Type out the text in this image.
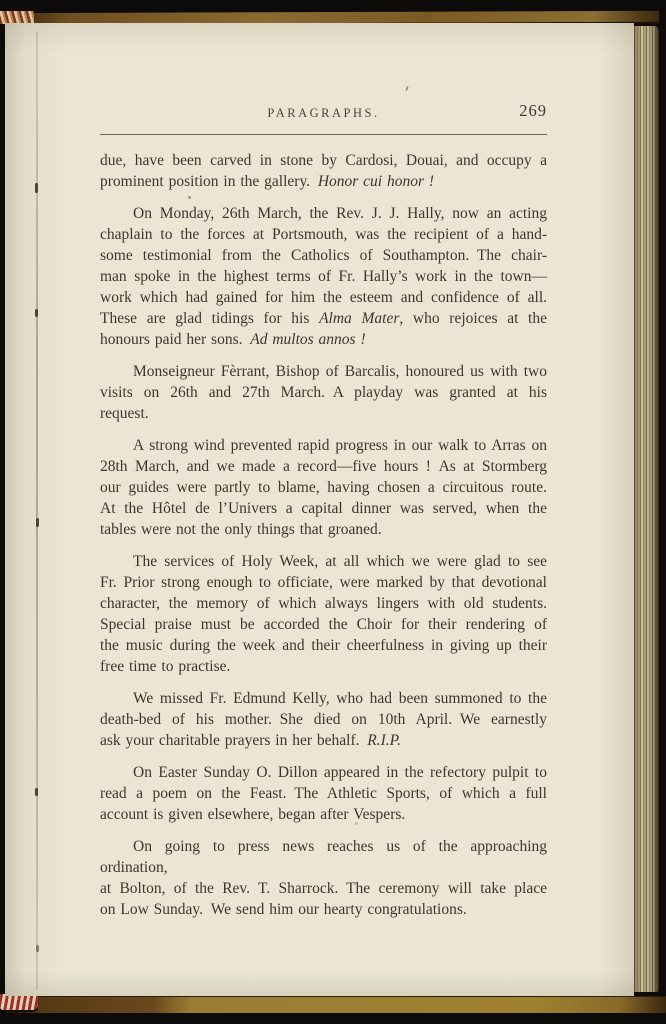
PARAGRAPHS.	269

due, have been carved in stone by Cardosi, Douai, and occupy a
prominent position in the gallery. Honor cui honor !

On Monday, 26th March, the Rev. J. J. Hally, now an acting
chaplain to the forces at Portsmouth, was the recipient of a hand-
some testimonial from the Catholics of Southampton. The chair-
man spoke in the highest terms of Fr. Hally’s work in the town—
work which had gained for him the esteem and confidence of all.
These are glad tidings for his Alma Mater, who rejoices at the
honours paid her sons. Ad multos annos !

Monseigneur Fèrrant, Bishop of Barcalis, honoured us with two
visits on 26th and 27th March. A playday was granted at his
request.

A strong wind prevented rapid progress in our walk to Arras on
28th March, and we made a record—five hours ! As at Stormberg
our guides were partly to blame, having chosen a circuitous route.
At the Hôtel de l’Univers a capital dinner was served, when the
tables were not the only things that groaned.

The services of Holy Week, at all which we were glad to see
Fr. Prior strong enough to officiate, were marked by that devotional
character, the memory of which always lingers with old students.
Special praise must be accorded the Choir for their rendering of
the music during the week and their cheerfulness in giving up their
free time to practise.

We missed Fr. Edmund Kelly, who had been summoned to the
death-bed of his mother. She died on 10th April. We earnestly
ask your charitable prayers in her behalf. R.I.P.

On Easter Sunday O. Dillon appeared in the refectory pulpit to
read a poem on the Feast. The Athletic Sports, of which a full
account is given elsewhere, began after Vespers.

On going to press news reaches us of the approaching ordination,
at Bolton, of the Rev. T. Sharrock. The ceremony will take place
on Low Sunday. We send him our hearty congratulations.
